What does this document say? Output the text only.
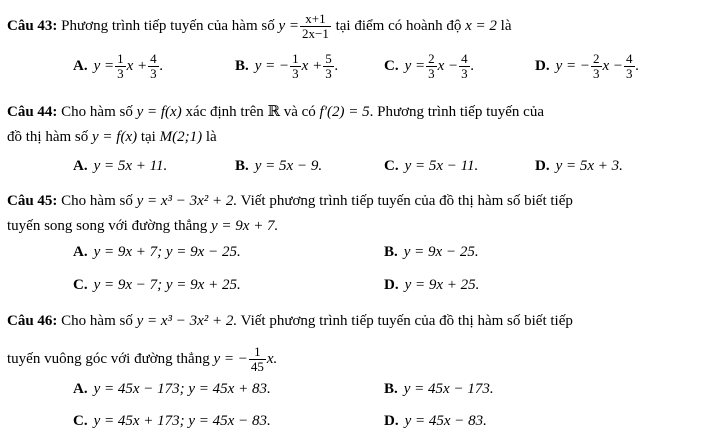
Câu 43: Phương trình tiếp tuyến của hàm số $y = \frac{x+1}{2x-1}$ tại điểm có hoành độ x = 2 là
A. $y = \frac{1}{3}$ $x + \frac{4}{3}$ .	B. y = − $\frac{1}{3}$ $x + \frac{5}{3}$ .	C. $y = \frac{2}{3}$ $x - \frac{4}{3}$ .	D. y = − $\frac{2}{3}$ $x - \frac{4}{3}$ .
Câu 44: Cho hàm số y = f(x) xác định trên ℝ và có f′(2) = 5. Phương trình tiếp tuyến của
đồ thị hàm số y = f(x) tại M(2;1) là
A. y = 5x + 11.	B. y = 5x − 9.	C. y = 5x − 11.	D. y = 5x + 3.
Câu 45: Cho hàm số y = x³ − 3x² + 2. Viết phương trình tiếp tuyến của đồ thị hàm số biết tiếp
tuyến song song với đường thẳng y = 9x + 7.
A. y = 9x + 7; y = 9x − 25.	B. y = 9x − 25.
C. y = 9x − 7; y = 9x + 25.	D. y = 9x + 25.
Câu 46: Cho hàm số y = x³ − 3x² + 2. Viết phương trình tiếp tuyến của đồ thị hàm số biết tiếp
tuyến vuông góc với đường thẳng y = − $\frac{1}{45} x$.
A. y = 45x − 173; y = 45x + 83.	B. y = 45x − 173.
C. y = 45x + 173; y = 45x − 83.	D. y = 45x − 83.
